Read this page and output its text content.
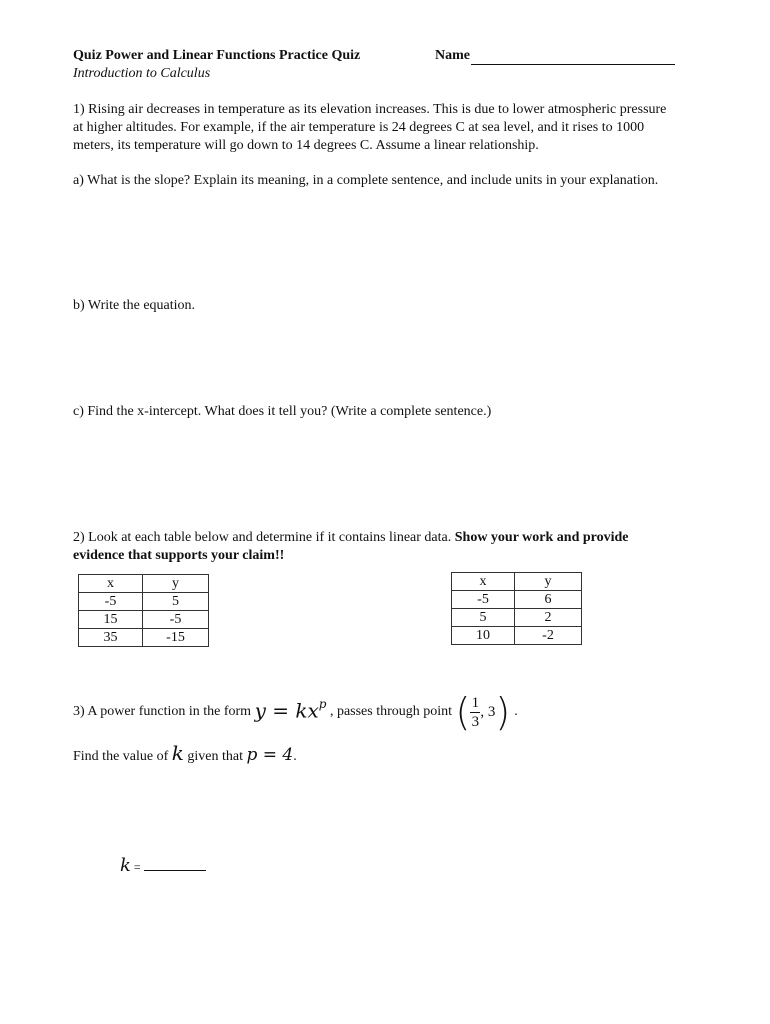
Quiz Power and Linear Functions Practice Quiz	Name
Introduction to Calculus
1) Rising air decreases in temperature as its elevation increases. This is due to lower atmospheric pressure
at higher altitudes. For example, if the air temperature is 24 degrees C at sea level, and it rises to 1000
meters, its temperature will go down to 14 degrees C. Assume a linear relationship.
a) What is the slope? Explain its meaning, in a complete sentence, and include units in your explanation.
b) Write the equation.
c) Find the x-intercept. What does it tell you? (Write a complete sentence.)
2) Look at each table below and determine if it contains linear data. Show your work and provide
evidence that supports your claim!!
x	y
-5	5
15	-5
35	-15
x	y
-5	6
5	2
10	-2
3) A power function in the form $y = kx^p$
, passes through point ( $\frac{1}{3}$ , 3 ) .
Find the value of k given that p = 4 .
k =
